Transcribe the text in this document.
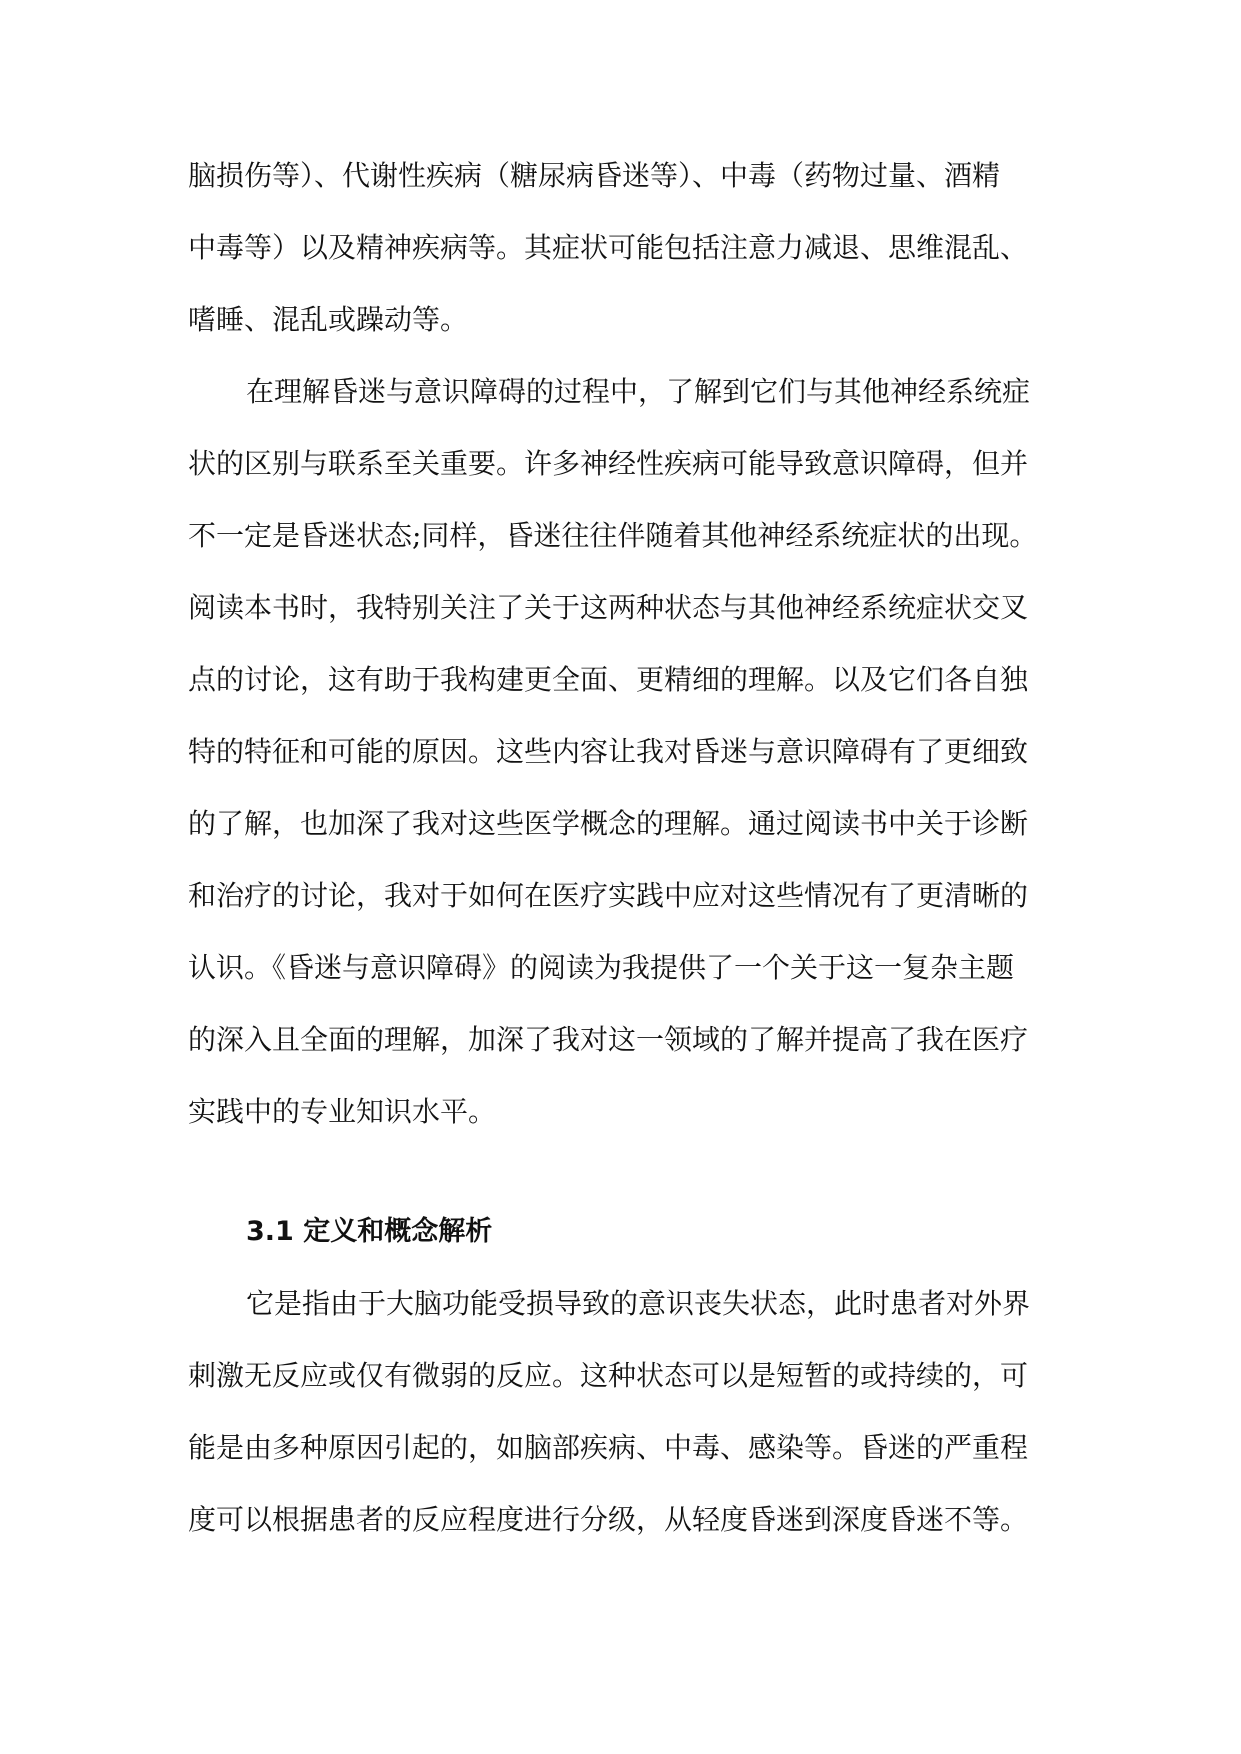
脑损伤等）、代谢性疾病（糖尿病昏迷等）、中毒（药物过量、酒精
中毒等）以及精神疾病等。其症状可能包括注意力减退、思维混乱、
嗜睡、混乱或躁动等。
在理解昏迷与意识障碍的过程中，了解到它们与其他神经系统症
状的区别与联系至关重要。许多神经性疾病可能导致意识障碍，但并
不一定是昏迷状态;同样，昏迷往往伴随着其他神经系统症状的出现。
阅读本书时，我特别关注了关于这两种状态与其他神经系统症状交叉
点的讨论，这有助于我构建更全面、更精细的理解。以及它们各自独
特的特征和可能的原因。这些内容让我对昏迷与意识障碍有了更细致
的了解，也加深了我对这些医学概念的理解。通过阅读书中关于诊断
和治疗的讨论，我对于如何在医疗实践中应对这些情况有了更清晰的
认识。《昏迷与意识障碍》的阅读为我提供了一个关于这一复杂主题
的深入且全面的理解，加深了我对这一领域的了解并提高了我在医疗
实践中的专业知识水平。
3.1 定义和概念解析
它是指由于大脑功能受损导致的意识丧失状态，此时患者对外界
刺激无反应或仅有微弱的反应。这种状态可以是短暂的或持续的，可
能是由多种原因引起的，如脑部疾病、中毒、感染等。昏迷的严重程
度可以根据患者的反应程度进行分级，从轻度昏迷到深度昏迷不等。
